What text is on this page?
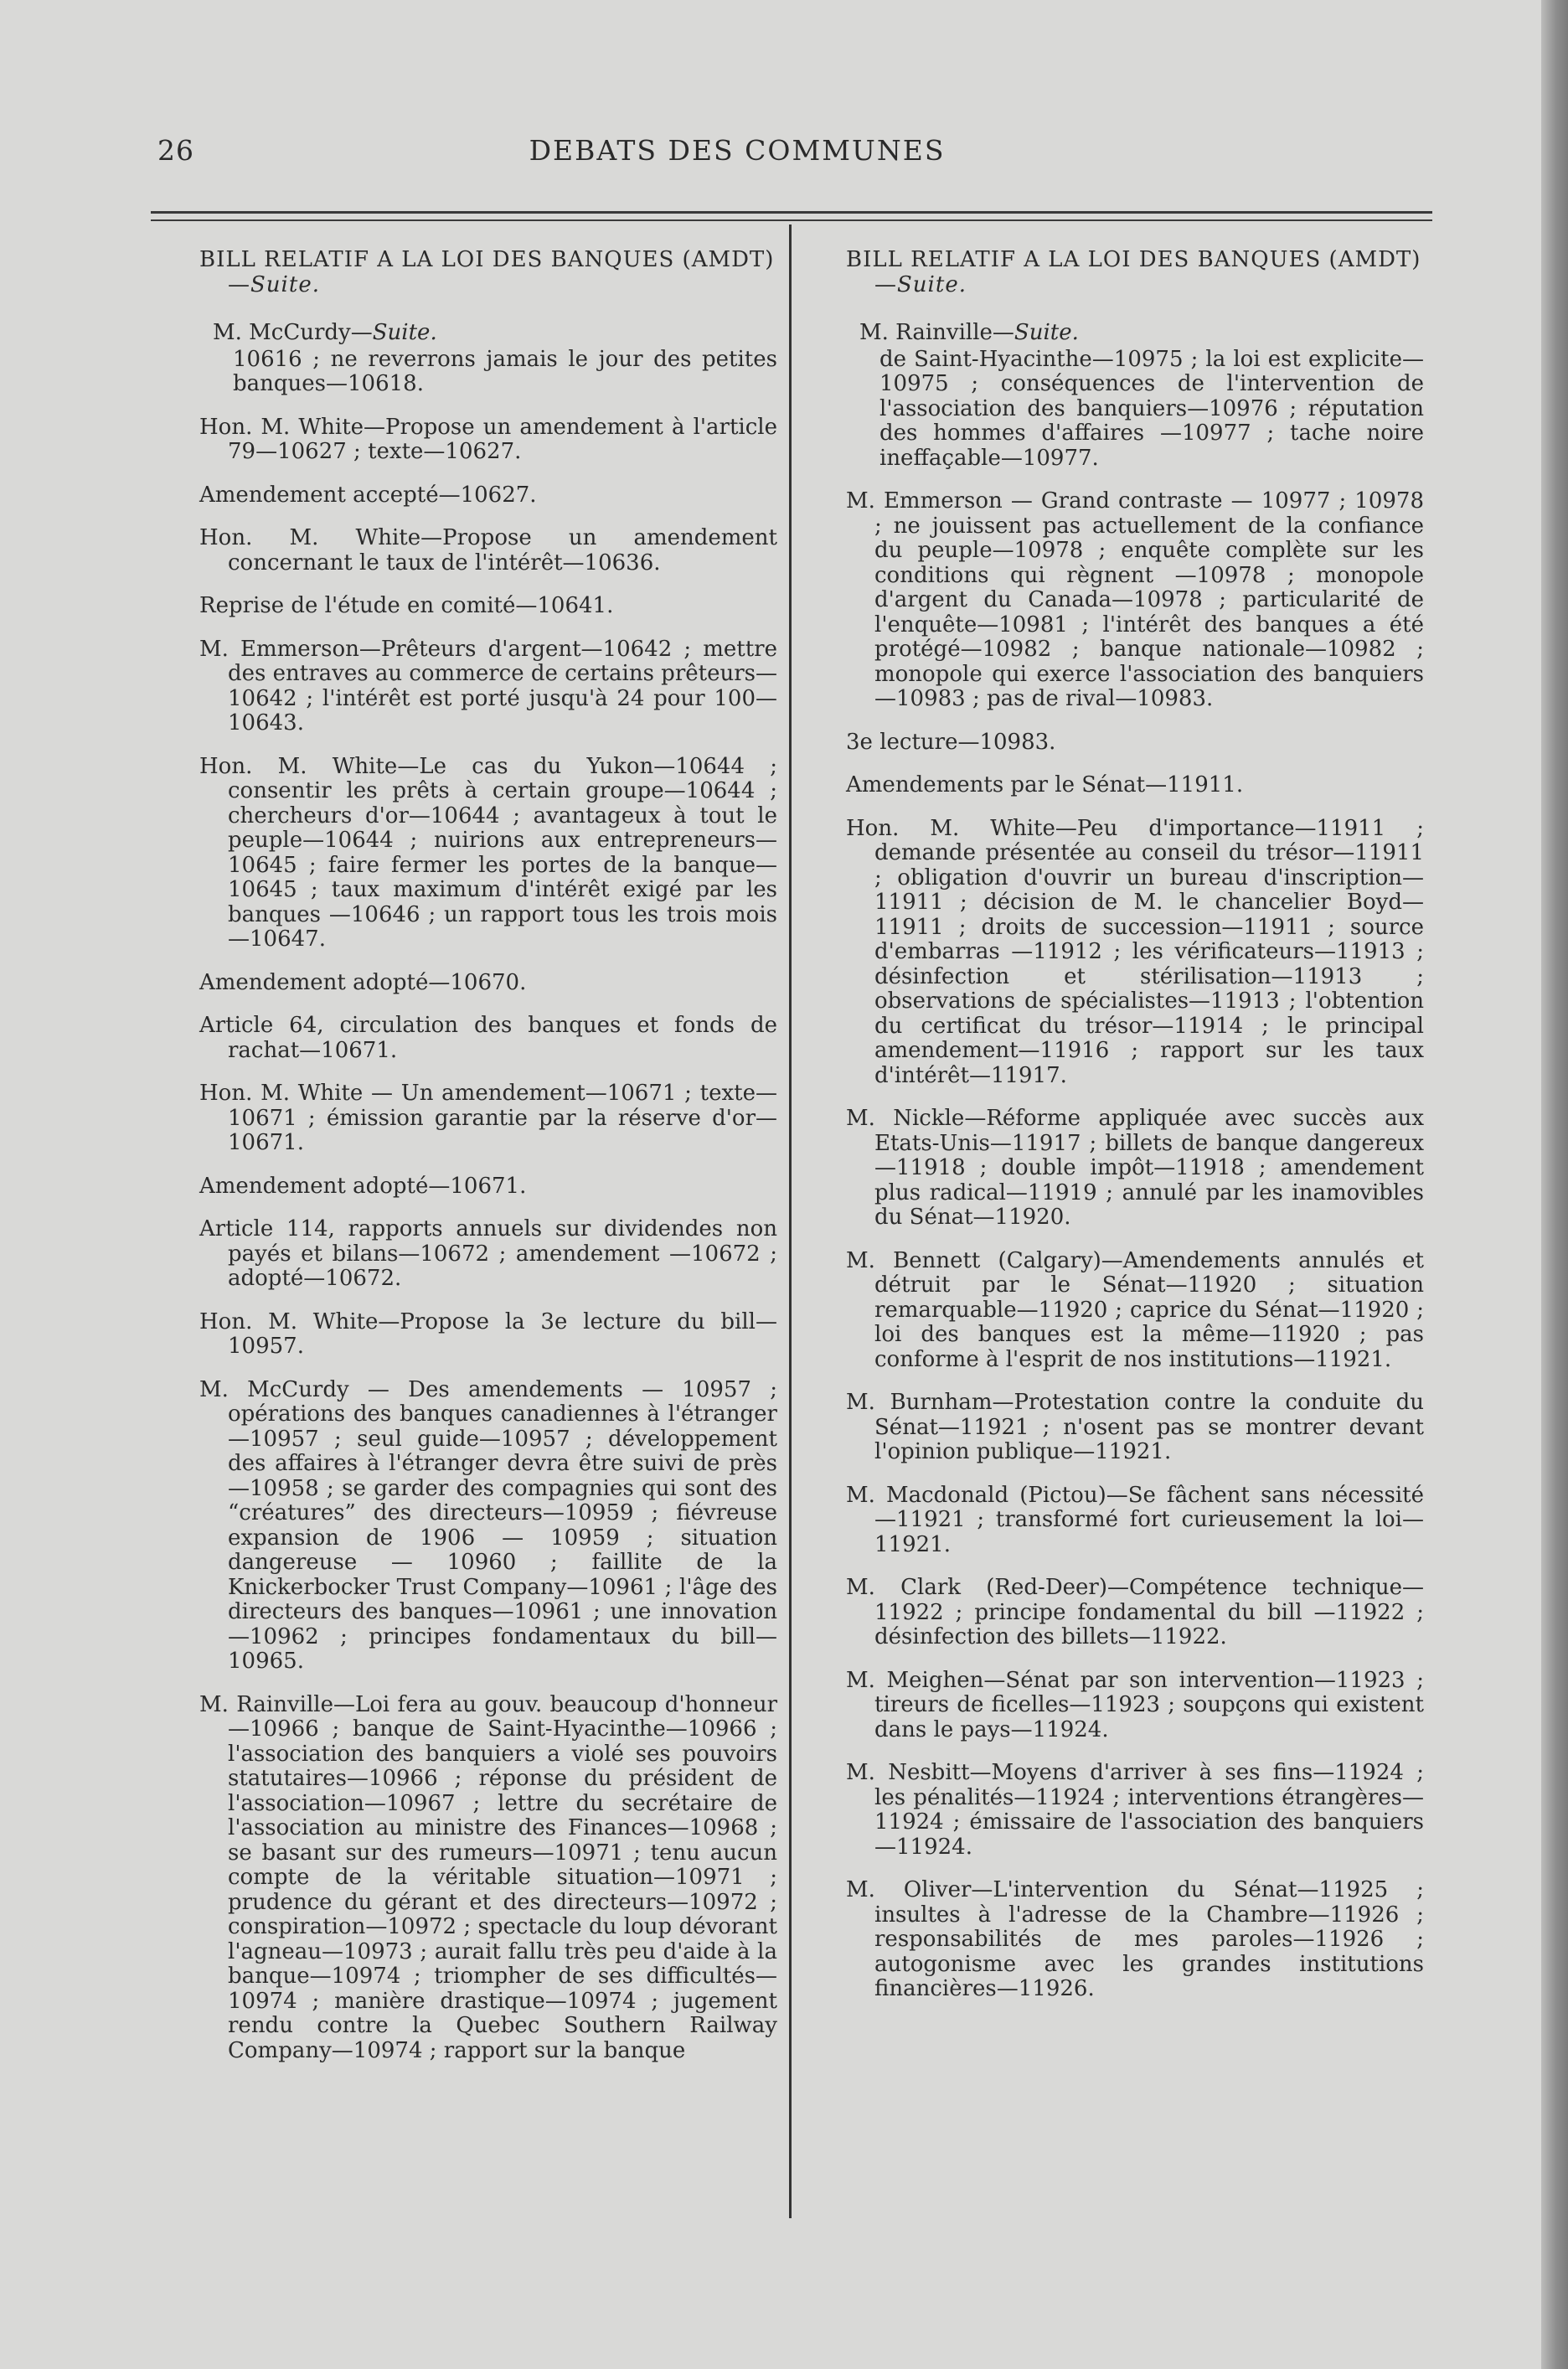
26	DEBATS DES COMMUNES
BILL RELATIF A LA LOI DES BANQUES (AMDT)—Suite.
M. McCurdy—Suite.

10616 ; ne reverrons jamais le jour des petites banques—10618.

Hon. M. White—Propose un amendement à l'article 79—10627 ; texte—10627.

Amendement accepté—10627.

Hon. M. White—Propose un amendement concernant le taux de l'intérêt—10636.

Reprise de l'étude en comité—10641.

M. Emmerson—Prêteurs d'argent—10642 ; mettre des entraves au commerce de certains prêteurs—10642 ; l'intérêt est porté jusqu'à 24 pour 100—10643.

Hon. M. White—Le cas du Yukon—10644 ; consentir les prêts à certain groupe—10644 ; chercheurs d'or—10644 ; avantageux à tout le peuple—10644 ; nuirions aux entrepreneurs—10645 ; faire fermer les portes de la banque—10645 ; taux maximum d'intérêt exigé par les banques —10646 ; un rapport tous les trois mois —10647.

Amendement adopté—10670.

Article 64, circulation des banques et fonds de rachat—10671.

Hon. M. White — Un amendement—10671 ; texte—10671 ; émission garantie par la réserve d'or—10671.

Amendement adopté—10671.

Article 114, rapports annuels sur dividendes non payés et bilans—10672 ; amendement —10672 ; adopté—10672.

Hon. M. White—Propose la 3e lecture du bill—10957.

M. McCurdy — Des amendements — 10957 ; opérations des banques canadiennes à l'étranger—10957 ; seul guide—10957 ; développement des affaires à l'étranger devra être suivi de près—10958 ; se garder des compagnies qui sont des “créatures” des directeurs—10959 ; fiévreuse expansion de 1906 — 10959 ; situation dangereuse — 10960 ; faillite de la Knickerbocker Trust Company—10961 ; l'âge des directeurs des banques—10961 ; une innovation—10962 ; principes fondamentaux du bill—10965.

M. Rainville—Loi fera au gouv. beaucoup d'honneur—10966 ; banque de Saint-Hyacinthe—10966 ; l'association des banquiers a violé ses pouvoirs statutaires—10966 ; réponse du président de l'association—10967 ; lettre du secrétaire de l'association au ministre des Finances—10968 ; se basant sur des rumeurs—10971 ; tenu aucun compte de la véritable situation—10971 ; prudence du gérant et des directeurs—10972 ; conspiration—10972 ; spectacle du loup dévorant l'agneau—10973 ; aurait fallu très peu d'aide à la banque—10974 ; triompher de ses difficultés—10974 ; manière drastique—10974 ; jugement rendu contre la Quebec Southern Railway Company—10974 ; rapport sur la banque

BILL RELATIF A LA LOI DES BANQUES (AMDT)—Suite.
M. Rainville—Suite.

de Saint-Hyacinthe—10975 ; la loi est explicite—10975 ; conséquences de l'intervention de l'association des banquiers—10976 ; réputation des hommes d'affaires —10977 ; tache noire ineffaçable—10977.

M. Emmerson — Grand contraste — 10977 ; 10978 ; ne jouissent pas actuellement de la confiance du peuple—10978 ; enquête complète sur les conditions qui règnent —10978 ; monopole d'argent du Canada—10978 ; particularité de l'enquête—10981 ; l'intérêt des banques a été protégé—10982 ; banque nationale—10982 ; monopole qui exerce l'association des banquiers—10983 ; pas de rival—10983.

3e lecture—10983.

Amendements par le Sénat—11911.

Hon. M. White—Peu d'importance—11911 ; demande présentée au conseil du trésor—11911 ; obligation d'ouvrir un bureau d'inscription—11911 ; décision de M. le chancelier Boyd—11911 ; droits de succession—11911 ; source d'embarras —11912 ; les vérificateurs—11913 ; désinfection et stérilisation—11913 ; observations de spécialistes—11913 ; l'obtention du certificat du trésor—11914 ; le principal amendement—11916 ; rapport sur les taux d'intérêt—11917.

M. Nickle—Réforme appliquée avec succès aux Etats-Unis—11917 ; billets de banque dangereux—11918 ; double impôt—11918 ; amendement plus radical—11919 ; annulé par les inamovibles du Sénat—11920.

M. Bennett (Calgary)—Amendements annulés et détruit par le Sénat—11920 ; situation remarquable—11920 ; caprice du Sénat—11920 ; loi des banques est la même—11920 ; pas conforme à l'esprit de nos institutions—11921.

M. Burnham—Protestation contre la conduite du Sénat—11921 ; n'osent pas se montrer devant l'opinion publique—11921.

M. Macdonald (Pictou)—Se fâchent sans nécessité—11921 ; transformé fort curieusement la loi—11921.

M. Clark (Red-Deer)—Compétence technique—11922 ; principe fondamental du bill —11922 ; désinfection des billets—11922.

M. Meighen—Sénat par son intervention—11923 ; tireurs de ficelles—11923 ; soupçons qui existent dans le pays—11924.

M. Nesbitt—Moyens d'arriver à ses fins—11924 ; les pénalités—11924 ; interventions étrangères—11924 ; émissaire de l'association des banquiers—11924.

M. Oliver—L'intervention du Sénat—11925 ; insultes à l'adresse de la Chambre—11926 ; responsabilités de mes paroles—11926 ; autogonisme avec les grandes institutions financières—11926.
